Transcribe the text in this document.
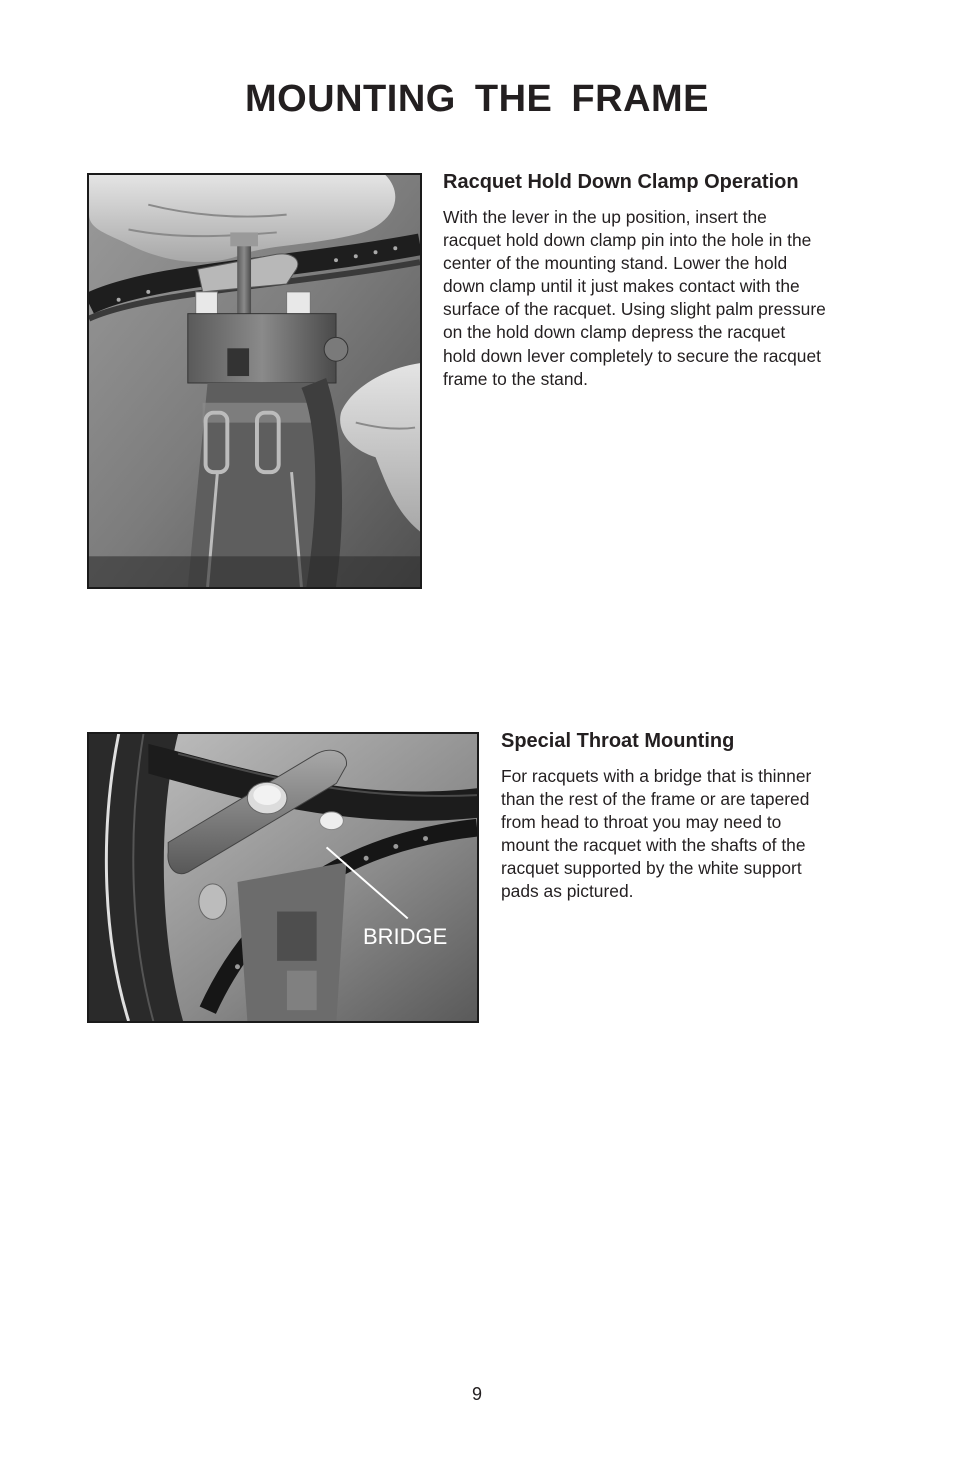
MOUNTING THE FRAME
Racquet Hold Down Clamp Operation

With the lever in the up position, insert the
racquet hold down clamp pin into the hole in the
center of the mounting stand. Lower the hold
down clamp until it just makes contact with the
surface of the racquet. Using slight palm pressure
on the hold down clamp depress the racquet
hold down lever completely to secure the racquet
frame to the stand.

BRIDGE
Special Throat Mounting

For racquets with a bridge that is thinner
than the rest of the frame or are tapered
from head to throat you may need to
mount the racquet with the shafts of the
racquet supported by the white support
pads as pictured.

9
